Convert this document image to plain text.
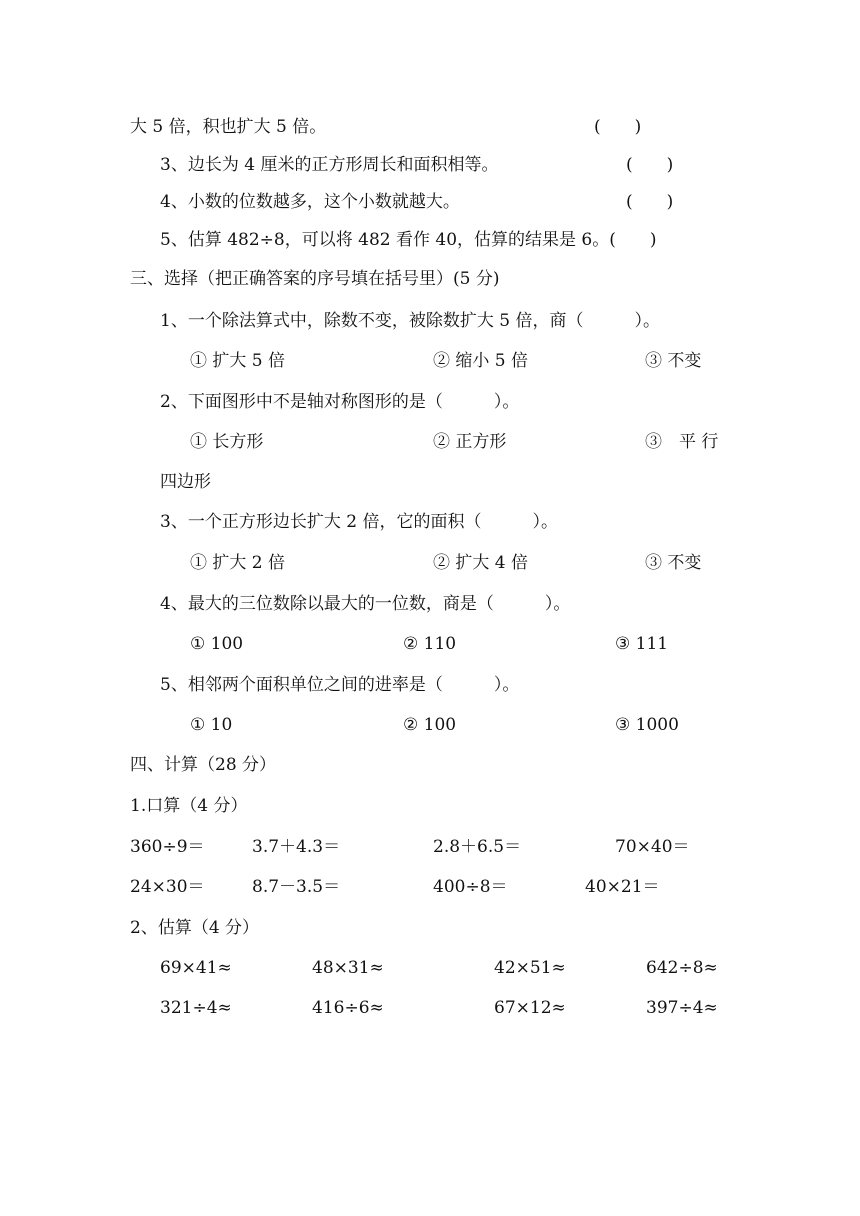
大 5 倍，积也扩大 5 倍。	(　　)
3、边长为 4 厘米的正方形周长和面积相等。	(　　)
4、小数的位数越多，这个小数就越大。	(　　)
5、估算 482÷8，可以将 482 看作 40，估算的结果是 6。(　　)
三、选择（把正确答案的序号填在括号里）(5 分)
1、一个除法算式中，除数不变，被除数扩大 5 倍，商（　　　）。
① 扩大 5 倍	② 缩小 5 倍	③ 不变
2、下面图形中不是轴对称图形的是（　　　）。
① 长方形	② 正方形	③　平 行
四边形
3、一个正方形边长扩大 2 倍，它的面积（　　　）。
① 扩大 2 倍	② 扩大 4 倍	③ 不变
4、最大的三位数除以最大的一位数，商是（　　　）。
① 100	② 110	③ 111
5、相邻两个面积单位之间的进率是（　　　）。
① 10	② 100	③ 1000
四、计算（28 分）
1.口算（4 分）
360÷9＝	3.7＋4.3＝	2.8＋6.5＝	70×40＝
24×30＝	8.7－3.5＝	400÷8＝	40×21＝
2、估算（4 分）
69×41≈	48×31≈	42×51≈	642÷8≈
321÷4≈	416÷6≈	67×12≈	397÷4≈
